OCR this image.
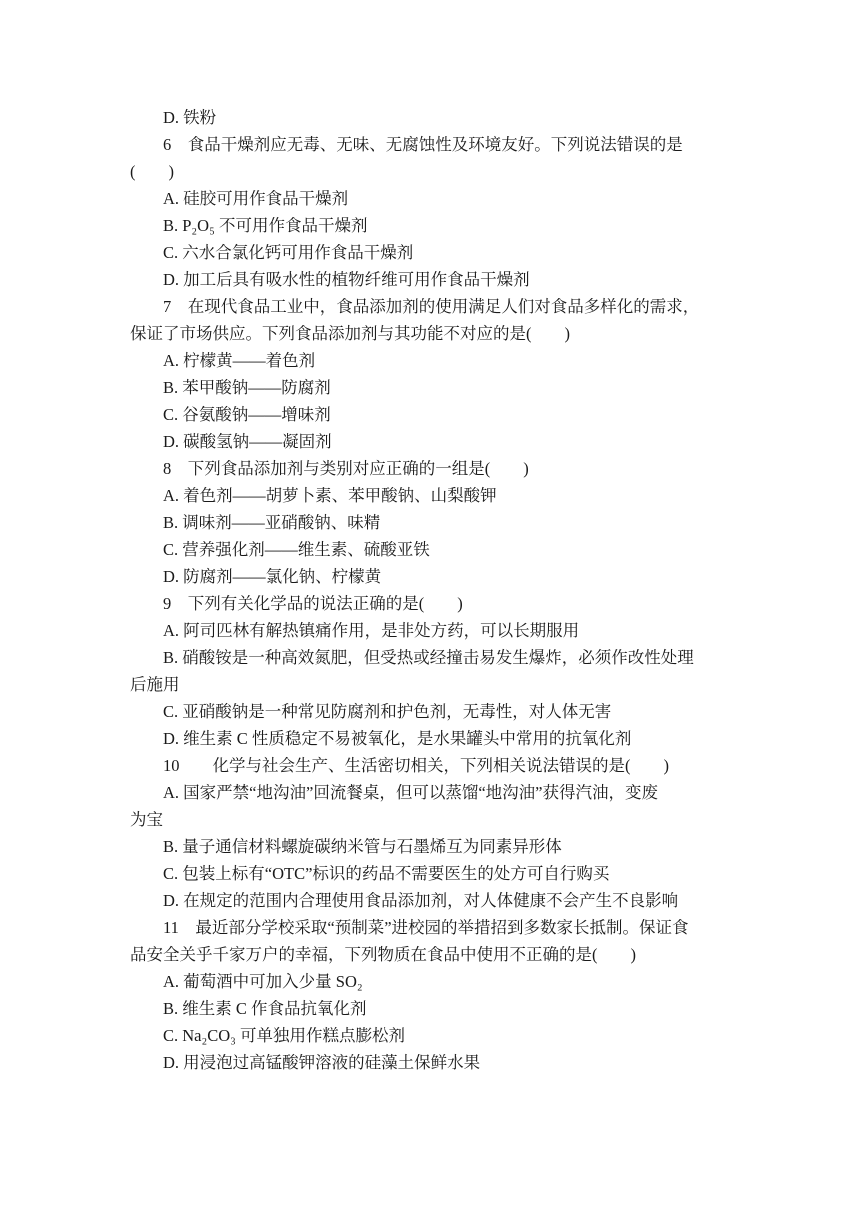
D. 铁粉
6　食品干燥剂应无毒、无味、无腐蚀性及环境友好。下列说法错误的是
(　　)
A. 硅胶可用作食品干燥剂
B. P₂O₅ 不可用作食品干燥剂
C. 六水合氯化钙可用作食品干燥剂
D. 加工后具有吸水性的植物纤维可用作食品干燥剂
7　在现代食品工业中，食品添加剂的使用满足人们对食品多样化的需求，
保证了市场供应。下列食品添加剂与其功能不对应的是(　　)
A. 柠檬黄——着色剂
B. 苯甲酸钠——防腐剂
C. 谷氨酸钠——增味剂
D. 碳酸氢钠——凝固剂
8　下列食品添加剂与类别对应正确的一组是(　　)
A. 着色剂——胡萝卜素、苯甲酸钠、山梨酸钾
B. 调味剂——亚硝酸钠、味精
C. 营养强化剂——维生素、硫酸亚铁
D. 防腐剂——氯化钠、柠檬黄
9　下列有关化学品的说法正确的是(　　)
A. 阿司匹林有解热镇痛作用，是非处方药，可以长期服用
B. 硝酸铵是一种高效氮肥，但受热或经撞击易发生爆炸，必须作改性处理
后施用
C. 亚硝酸钠是一种常见防腐剂和护色剂，无毒性，对人体无害
D. 维生素 C 性质稳定不易被氧化，是水果罐头中常用的抗氧化剂
10　　化学与社会生产、生活密切相关，下列相关说法错误的是(　　)
A. 国家严禁“地沟油”回流餐桌，但可以蒸馏“地沟油”获得汽油，变废
为宝
B. 量子通信材料螺旋碳纳米管与石墨烯互为同素异形体
C. 包装上标有“OTC”标识的药品不需要医生的处方可自行购买
D. 在规定的范围内合理使用食品添加剂，对人体健康不会产生不良影响
11　最近部分学校采取“预制菜”进校园的举措招到多数家长抵制。保证食
品安全关乎千家万户的幸福，下列物质在食品中使用不正确的是(　　)
A. 葡萄酒中可加入少量 SO₂
B. 维生素 C 作食品抗氧化剂
C. Na₂CO₃ 可单独用作糕点膨松剂
D. 用浸泡过高锰酸钾溶液的硅藻土保鲜水果
